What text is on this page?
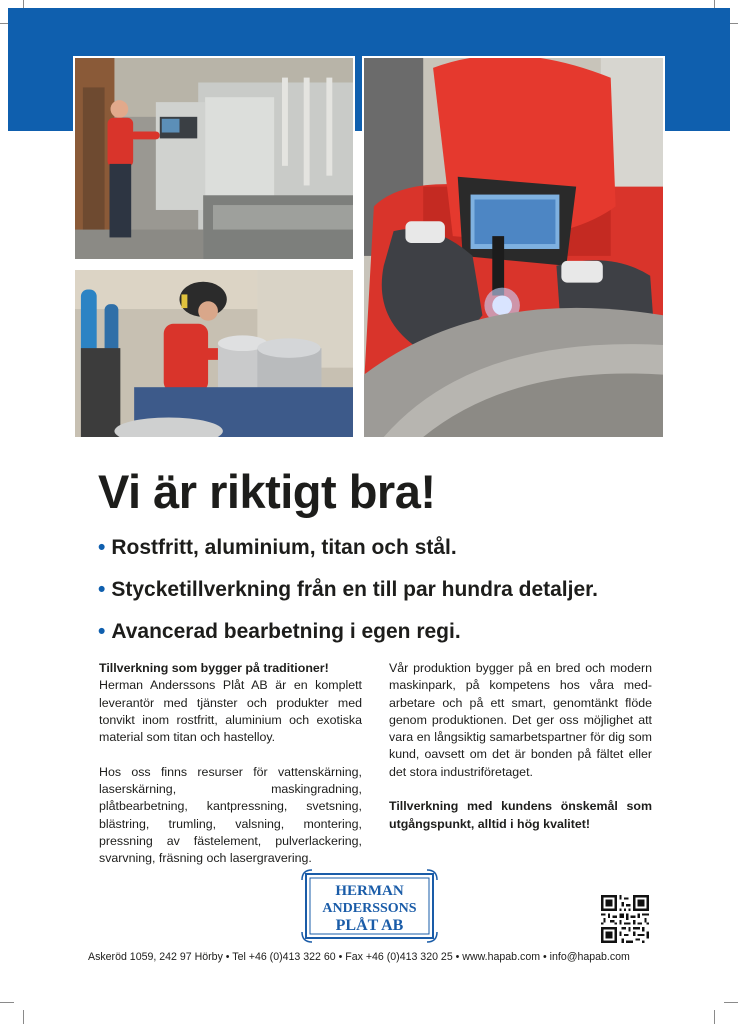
Vi är riktigt bra!
• Rostfritt, aluminium, titan och stål.
• Stycketillverkning från en till par hundra detaljer.
• Avancerad bearbetning i egen regi.

Tillverkning som bygger på traditioner!
Herman Anderssons Plåt AB är en komplett leverantör med tjänster och produkter med tonvikt inom rostfritt, aluminium och exotiska material som titan och hastelloy.

Hos oss finns resurser för vattenskärning, laserskärning, maskingradning, plåtbearbetning, kantpressning, svetsning, blästring, trumling, valsning, montering, pressning av fästelement, pulverlackering, svarvning, fräsning och lasergravering.

Vår produktion bygger på en bred och modern maskinpark, på kompetens hos våra medarbetare och på ett smart, genomtänkt flöde genom produktionen. Det ger oss möjlighet att vara en långsiktig samarbetspartner för dig som kund, oavsett om det är bonden på fältet eller det stora industriföretaget.

Tillverkning med kundens önskemål som utgångspunkt, alltid i hög kvalitet!

HERMAN
ANDERSSONS
PLÅT AB
Askeröd 1059, 242 97 Hörby • Tel +46 (0)413 322 60 • Fax +46 (0)413 320 25 • www.hapab.com • info@hapab.com
